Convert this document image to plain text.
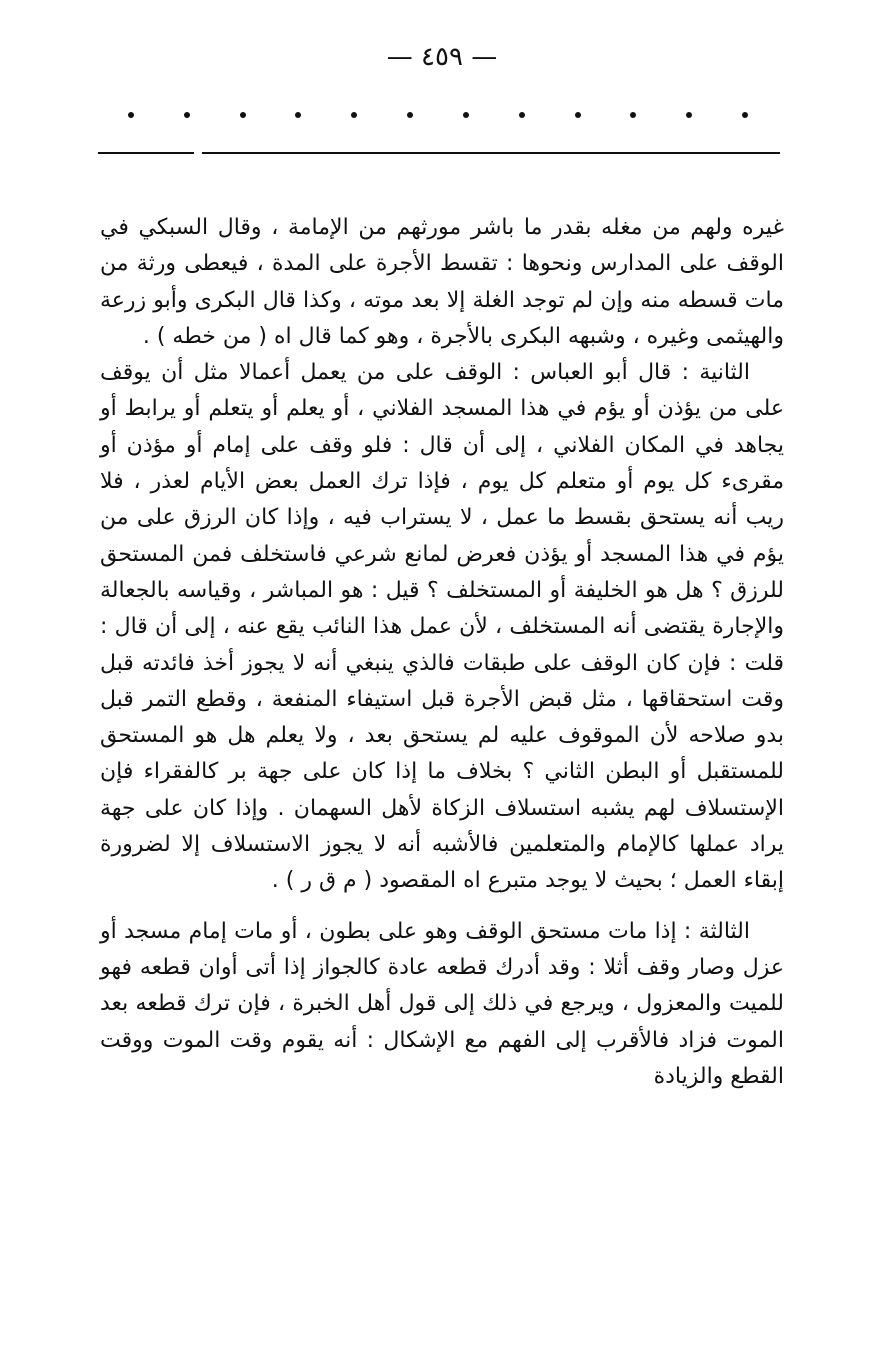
— ٤٥٩ —

غيره ولهم من مغله بقدر ما باشر مورثهم من الإمامة ، وقال السبكي في الوقف على المدارس ونحوها : تقسط الأجرة على المدة ، فيعطى ورثة من مات قسطه منه وإن لم توجد الغلة إلا بعد موته ، وكذا قال البكرى وأبو زرعة والهيثمى وغيره ، وشبهه البكرى بالأجرة ، وهو كما قال اه ( من خطه ) .

الثانية : قال أبو العباس : الوقف على من يعمل أعمالا مثل أن يوقف على من يؤذن أو يؤم في هذا المسجد الفلاني ، أو يعلم أو يتعلم أو يرابط أو يجاهد في المكان الفلاني ، إلى أن قال : فلو وقف على إمام أو مؤذن أو مقرىء كل يوم أو متعلم كل يوم ، فإذا ترك العمل بعض الأيام لعذر ، فلا ريب أنه يستحق بقسط ما عمل ، لا يستراب فيه ، وإذا كان الرزق على من يؤم في هذا المسجد أو يؤذن فعرض لمانع شرعي فاستخلف فمن المستحق للرزق ؟ هل هو الخليفة أو المستخلف ؟ قيل : هو المباشر ، وقياسه بالجعالة والإجارة يقتضى أنه المستخلف ، لأن عمل هذا النائب يقع عنه ، إلى أن قال : قلت : فإن كان الوقف على طبقات فالذي ينبغي أنه لا يجوز أخذ فائدته قبل وقت استحقاقها ، مثل قبض الأجرة قبل استيفاء المنفعة ، وقطع التمر قبل بدو صلاحه لأن الموقوف عليه لم يستحق بعد ، ولا يعلم هل هو المستحق للمستقبل أو البطن الثاني ؟ بخلاف ما إذا كان على جهة بر كالفقراء فإن الإستسلاف لهم يشبه استسلاف الزكاة لأهل السهمان . وإذا كان على جهة يراد عملها كالإمام والمتعلمين فالأشبه أنه لا يجوز الاستسلاف إلا لضرورة إبقاء العمل ؛ بحيث لا يوجد متبرع اه المقصود ( م ق ر ) .

الثالثة : إذا مات مستحق الوقف وهو على بطون ، أو مات إمام مسجد أو عزل وصار وقف أثلا : وقد أدرك قطعه عادة كالجواز إذا أتى أوان قطعه فهو للميت والمعزول ، ويرجع في ذلك إلى قول أهل الخبرة ، فإن ترك قطعه بعد الموت فزاد فالأقرب إلى الفهم مع الإشكال : أنه يقوم وقت الموت ووقت القطع والزيادة
